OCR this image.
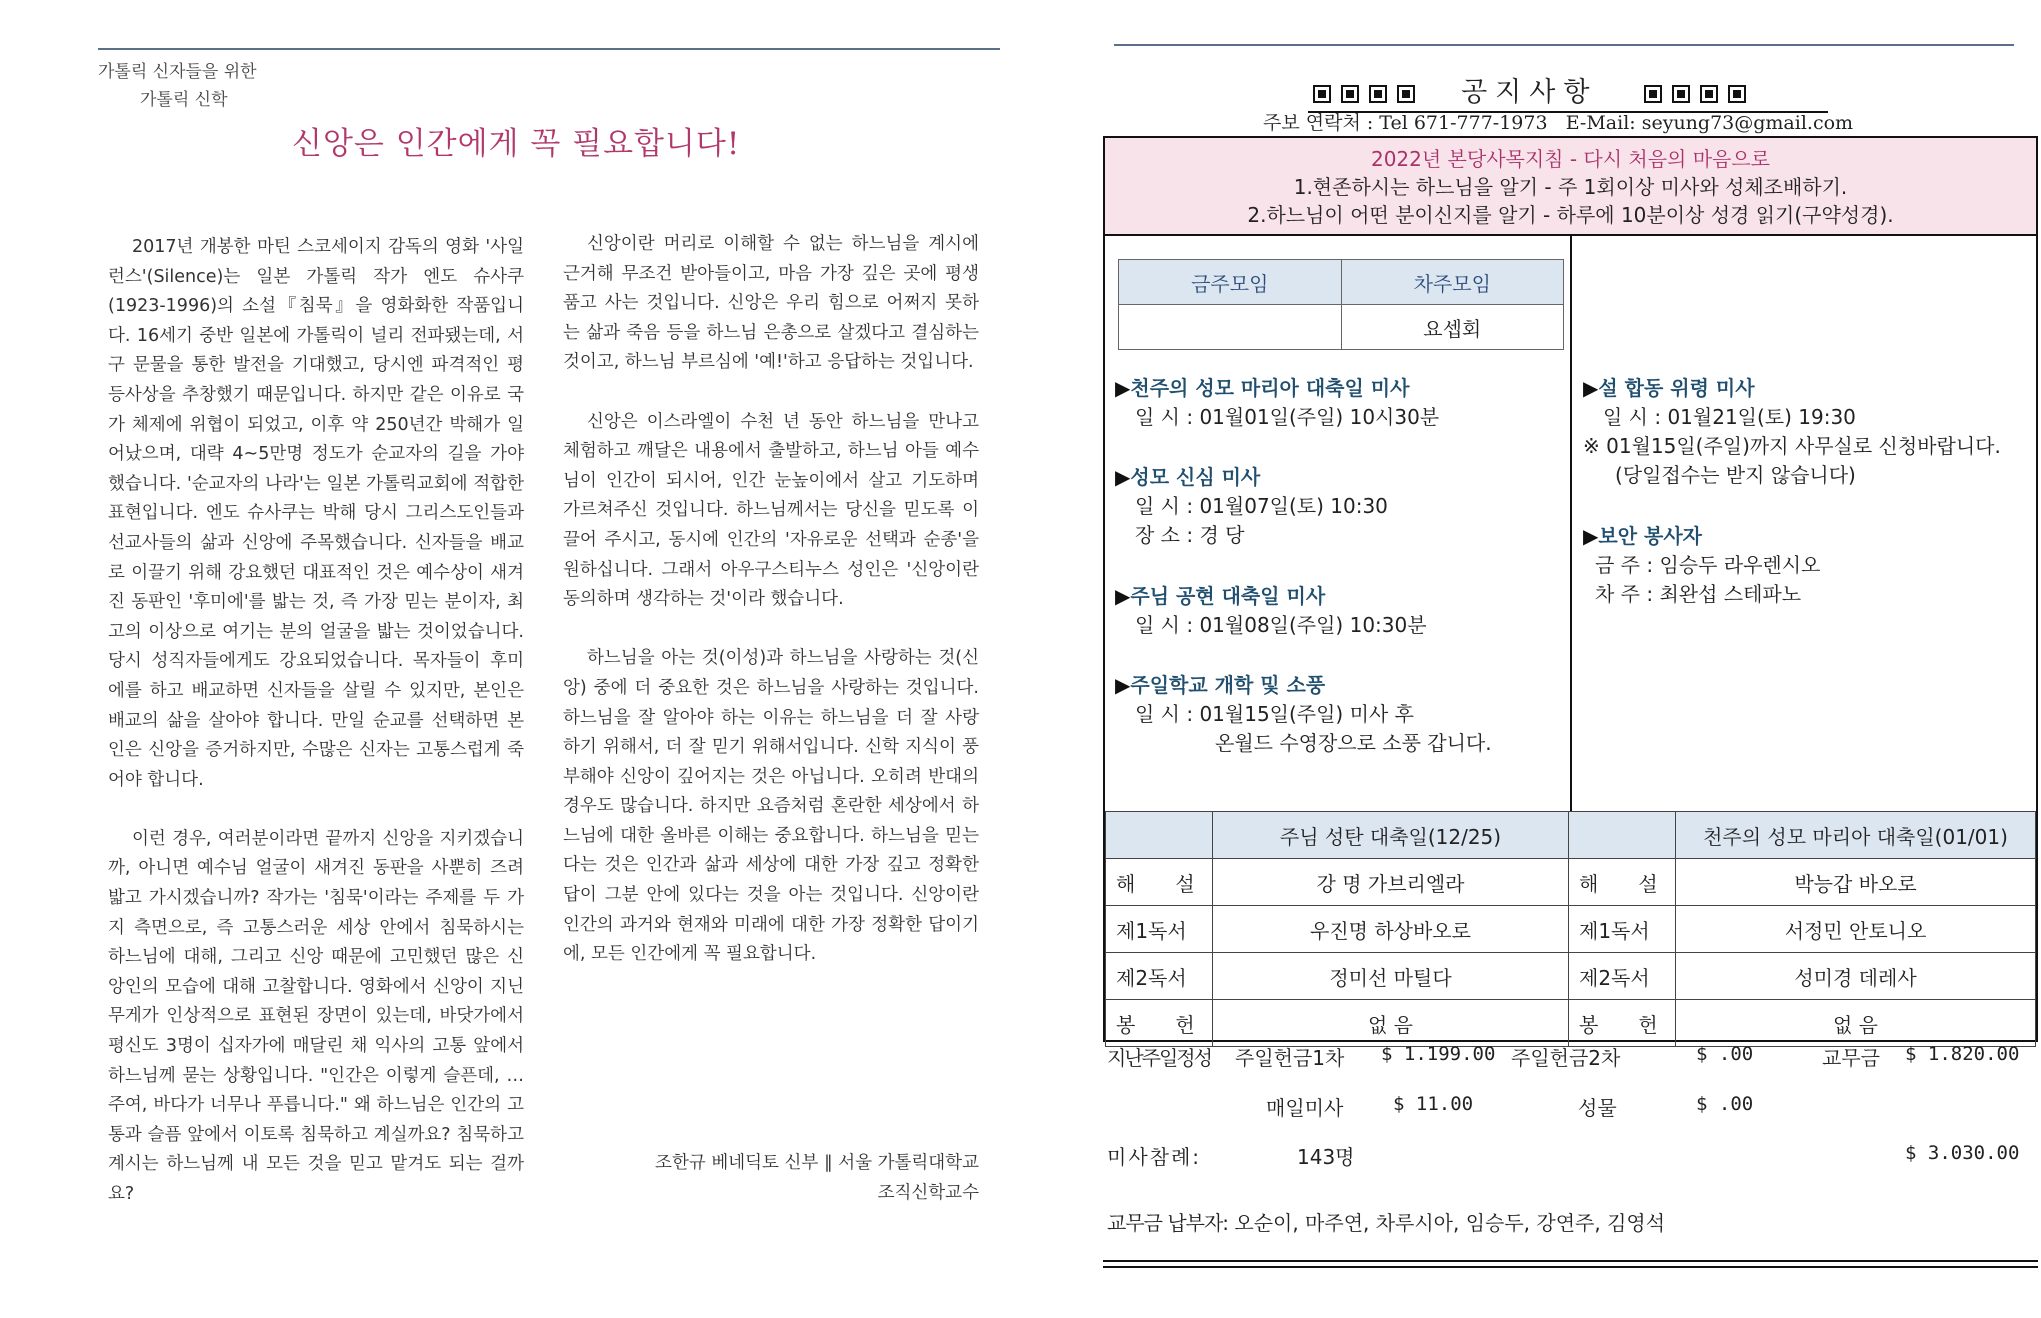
가톨릭 신자들을 위한
가톨릭 신학
신앙은 인간에게 꼭 필요합니다!

2017년 개봉한 마틴 스코세이지 감독의 영화 '사일런스'(Silence)는 일본 가톨릭 작가 엔도 슈사쿠(1923-1996)의 소설『침묵』을 영화화한 작품입니다. 16세기 중반 일본에 가톨릭이 널리 전파됐는데, 서구 문물을 통한 발전을 기대했고, 당시엔 파격적인 평등사상을 추창했기 때문입니다. 하지만 같은 이유로 국가 체제에 위협이 되었고, 이후 약 250년간 박해가 일어났으며, 대략 4~5만명 정도가 순교자의 길을 가야 했습니다. '순교자의 나라'는 일본 가톨릭교회에 적합한 표현입니다. 엔도 슈사쿠는 박해 당시 그리스도인들과 선교사들의 삶과 신앙에 주목했습니다. 신자들을 배교로 이끌기 위해 강요했던 대표적인 것은 예수상이 새겨진 동판인 '후미에'를 밟는 것, 즉 가장 믿는 분이자, 최고의 이상으로 여기는 분의 얼굴을 밟는 것이었습니다. 당시 성직자들에게도 강요되었습니다. 목자들이 후미에를 하고 배교하면 신자들을 살릴 수 있지만, 본인은 배교의 삶을 살아야 합니다. 만일 순교를 선택하면 본인은 신앙을 증거하지만, 수많은 신자는 고통스럽게 죽어야 합니다.

이런 경우, 여러분이라면 끝까지 신앙을 지키겠습니까, 아니면 예수님 얼굴이 새겨진 동판을 사뿐히 즈려밟고 가시겠습니까? 작가는 '침묵'이라는 주제를 두 가지 측면으로, 즉 고통스러운 세상 안에서 침묵하시는 하느님에 대해, 그리고 신앙 때문에 고민했던 많은 신앙인의 모습에 대해 고찰합니다. 영화에서 신앙이 지닌 무게가 인상적으로 표현된 장면이 있는데, 바닷가에서 평신도 3명이 십자가에 매달린 채 익사의 고통 앞에서 하느님께 묻는 상황입니다. "인간은 이렇게 슬픈데, … 주여, 바다가 너무나 푸릅니다." 왜 하느님은 인간의 고통과 슬픔 앞에서 이토록 침묵하고 계실까요? 침묵하고 계시는 하느님께 내 모든 것을 믿고 맡겨도 되는 걸까요?

신앙이란 머리로 이해할 수 없는 하느님을 계시에 근거해 무조건 받아들이고, 마음 가장 깊은 곳에 평생 품고 사는 것입니다. 신앙은 우리 힘으로 어쩌지 못하는 삶과 죽음 등을 하느님 은총으로 살겠다고 결심하는 것이고, 하느님 부르심에 '예!'하고 응답하는 것입니다.

신앙은 이스라엘이 수천 년 동안 하느님을 만나고 체험하고 깨달은 내용에서 출발하고, 하느님 아들 예수님이 인간이 되시어, 인간 눈높이에서 살고 기도하며 가르쳐주신 것입니다. 하느님께서는 당신을 믿도록 이끌어 주시고, 동시에 인간의 '자유로운 선택과 순종'을 원하십니다. 그래서 아우구스티누스 성인은 '신앙이란 동의하며 생각하는 것'이라 했습니다.

하느님을 아는 것(이성)과 하느님을 사랑하는 것(신앙) 중에 더 중요한 것은 하느님을 사랑하는 것입니다. 하느님을 잘 알아야 하는 이유는 하느님을 더 잘 사랑하기 위해서, 더 잘 믿기 위해서입니다. 신학 지식이 풍부해야 신앙이 깊어지는 것은 아닙니다. 오히려 반대의 경우도 많습니다. 하지만 요즘처럼 혼란한 세상에서 하느님에 대한 올바른 이해는 중요합니다. 하느님을 믿는다는 것은 인간과 삶과 세상에 대한 가장 깊고 정확한 답이 그분 안에 있다는 것을 아는 것입니다. 신앙이란 인간의 과거와 현재와 미래에 대한 가장 정확한 답이기에, 모든 인간에게 꼭 필요합니다.

조한규 베네딕토 신부 ∥ 서울 가톨릭대학교
조직신학교수
공지사항
주보 연락처 : Tel 671-777-1973   E-Mail: seyung73@gmail.com
2022년 본당사목지침 - 다시 처음의 마음으로
1.현존하시는 하느님을 알기 - 주 1회이상 미사와 성체조배하기.
2.하느님이 어떤 분이신지를 알기 - 하루에 10분이상 성경 읽기(구약성경).
금주모임	차주모임
	요셉회
▶천주의 성모 마리아 대축일 미사
일 시 : 01월01일(주일) 10시30분
▶성모 신심 미사
일 시 : 01월07일(토) 10:30
장 소 : 경 당
▶주님 공현 대축일 미사
일 시 : 01월08일(주일) 10:30분
▶주일학교 개학 및 소풍
일 시 : 01월15일(주일) 미사 후
온월드 수영장으로 소풍 갑니다.
▶설 합동 위령 미사
일 시 : 01월21일(토) 19:30
※ 01월15일(주일)까지 사무실로 신청바랍니다.
(당일접수는 받지 않습니다)
▶보안 봉사자
금 주 : 임승두 라우렌시오
차 주 : 최완섭 스테파노
	주님 성탄 대축일(12/25)		천주의 성모 마리아 대축일(01/01)
해　　설	강 명 가브리엘라	해　　설	박능갑 바오로
제1독서	우진명 하상바오로	제1독서	서정민 안토니오
제2독서	정미선 마틸다	제2독서	성미경 데레사
봉　　헌	없 음	봉　　헌	없 음
지난주일정성 주일헌금1차 $ 1.199.00 주일헌금2차	$ .00	교무금 $ 1.820.00
매일미사	$ 11.00	성물	$ .00
미사참례:	143명	$ 3.030.00
교무금 납부자: 오순이, 마주연, 차루시아, 임승두, 강연주, 김영석
